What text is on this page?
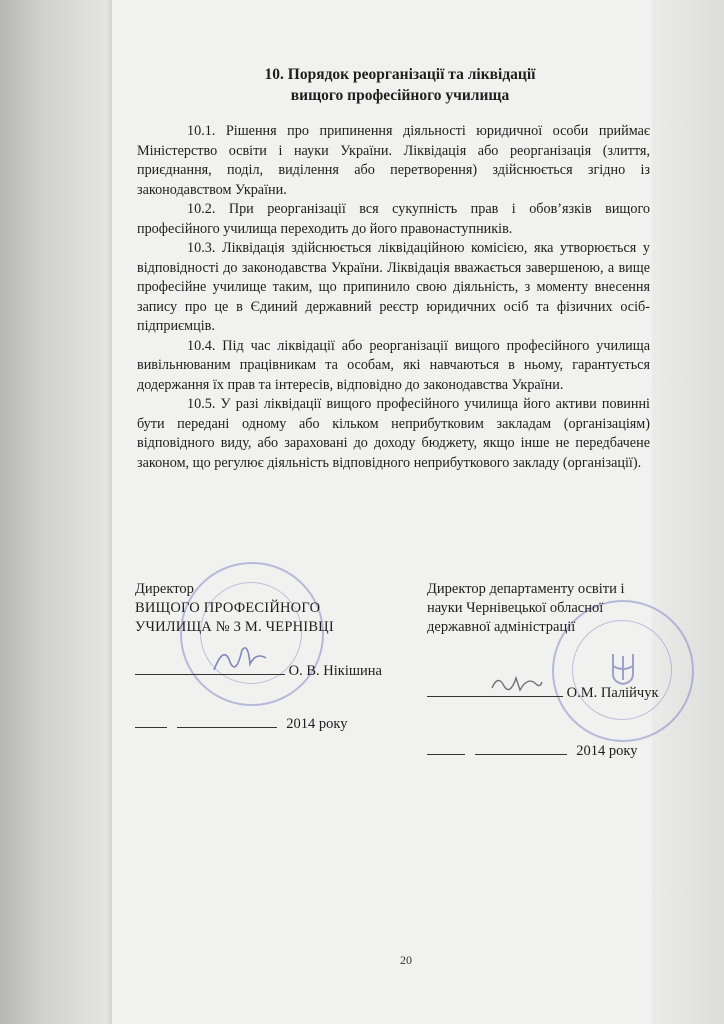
10. Порядок реорганізації та ліквідації
вищого професійного училища

10.1. Рішення про припинення діяльності юридичної особи приймає Міністерство освіти і науки України. Ліквідація або реорганізація (злиття, приєднання, поділ, виділення або перетворення) здійснюється згідно із законодавством України.

10.2. При реорганізації вся сукупність прав і обов’язків вищого професійного училища переходить до його правонаступників.

10.3. Ліквідація здійснюється ліквідаційною комісією, яка утворюється у відповідності до законодавства України. Ліквідація вважається завершеною, а вище професійне училище таким, що припинило свою діяльність, з моменту внесення запису про це в Єдиний державний реєстр юридичних осіб та фізичних осіб-підприємців.

10.4. Під час ліквідації або реорганізації вищого професійного училища вивільнюваним працівникам та особам, які навчаються в ньому, гарантується додержання їх прав та інтересів, відповідно до законодавства України.

10.5. У разі ліквідації вищого професійного училища його активи повинні бути передані одному або кільком неприбутковим закладам (організаціям) відповідного виду, або зараховані до доходу бюджету, якщо інше не передбачене законом, що регулює діяльність відповідного неприбуткового закладу (організації).

Директор
ВИЩОГО ПРОФЕСІЙНОГО
УЧИЛИЩА № 3 М. ЧЕРНІВЦІ
О. В. Нікішина
2014 року
Директор департаменту освіти і
науки Чернівецької обласної
державної адміністрації
О.М. Палійчук
2014 року
20
